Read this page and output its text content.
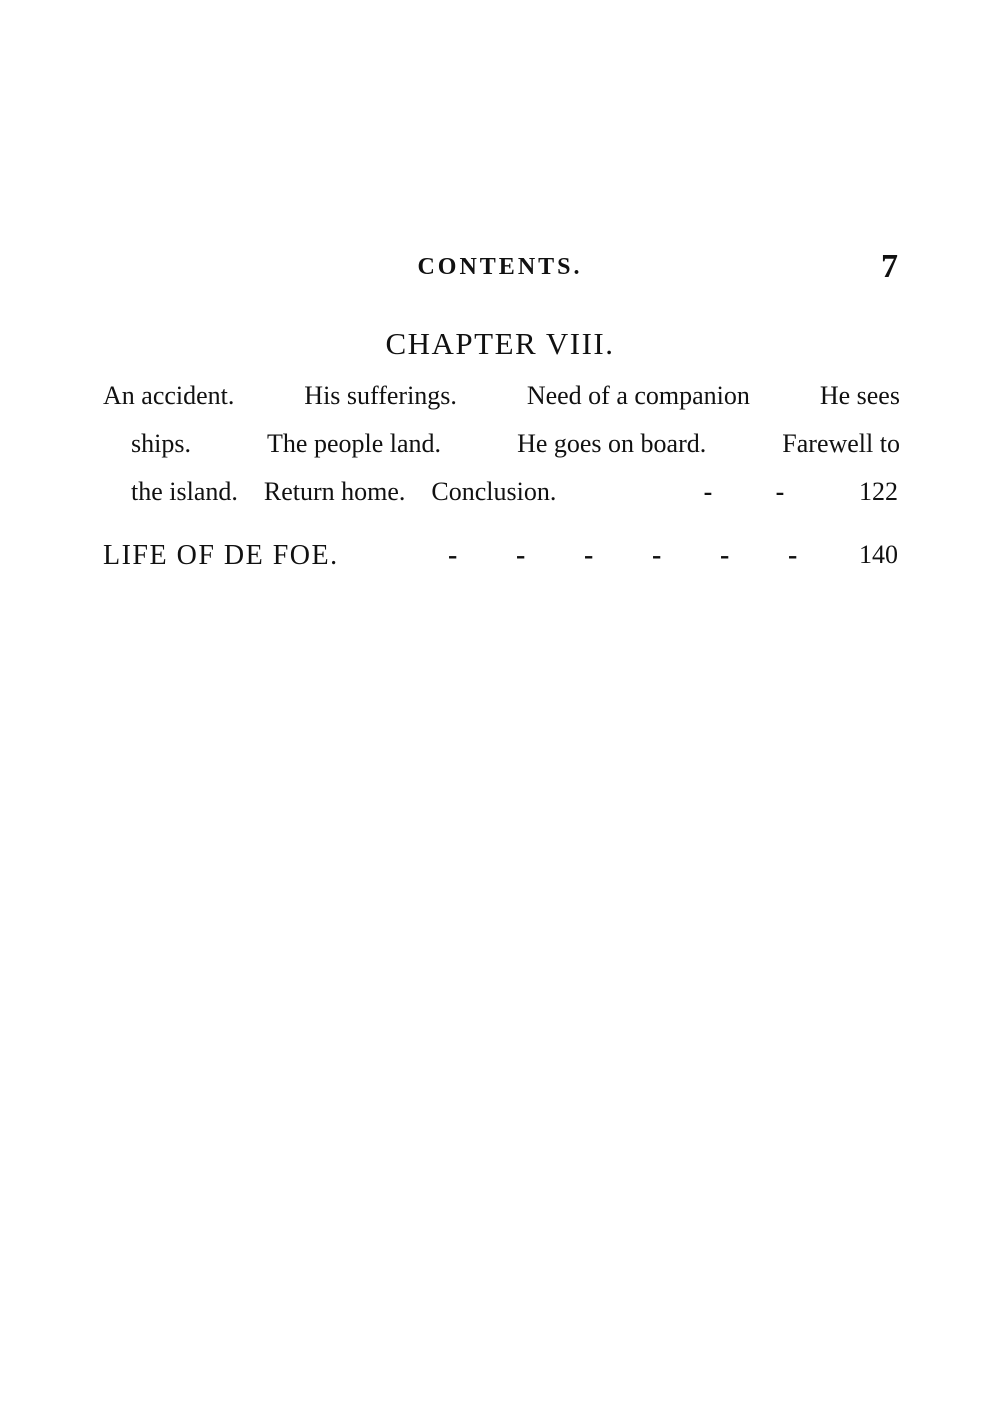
CONTENTS.	7
CHAPTER VIII.
An accident.	His sufferings.	Need of a companion	He sees
ships.	The people land.	He goes on board.	Farewell to
the island. Return home. Conclusion.	- -	122
LIFE OF DE FOE.	- - - - - -	140
